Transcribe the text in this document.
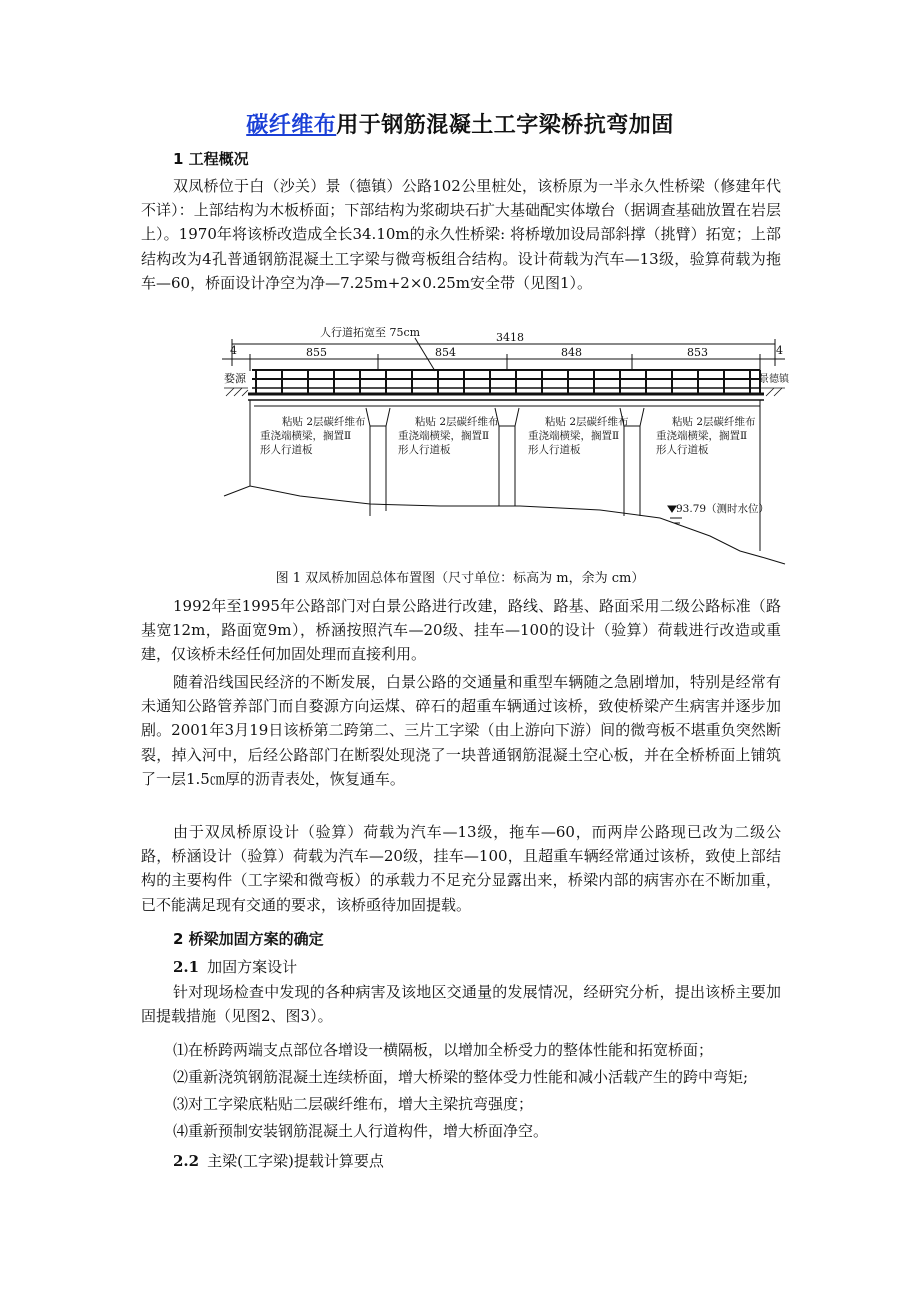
碳纤维布用于钢筋混凝土工字梁桥抗弯加固
1 工程概况
双凤桥位于白（沙关）景（德镇）公路102公里桩处，该桥原为一半永久性桥梁（修建年代不详）：上部结构为木板桥面；下部结构为浆砌块石扩大基础配实体墩台（据调查基础放置在岩层上）。1970年将该桥改造成全长34.10m的永久性桥梁: 将桥墩加设局部斜撑（挑臂）拓宽；上部结构改为4孔普通钢筋混凝土工字梁与微弯板组合结构。设计荷载为汽车—13级，验算荷载为拖车—60，桥面设计净空为净—7.25m+2×0.25m安全带（见图1）。
人行道拓宽至 75cm	3418
855	854	848	853
4	4
婺源	景德镇
粘贴 2层碳纤维布
重浇端横梁，搁置Ⅱ
形人行道板
粘贴 2层碳纤维布
重浇端横梁，搁置Ⅱ
形人行道板
粘贴 2层碳纤维布
重浇端横梁，搁置Ⅱ
形人行道板
粘贴 2层碳纤维布
重浇端横梁，搁置Ⅱ
形人行道板
93.79（测时水位）
图 1 双凤桥加固总体布置图（尺寸单位：标高为 m，余为 cm）
1992年至1995年公路部门对白景公路进行改建，路线、路基、路面采用二级公路标准（路基宽12m，路面宽9m），桥涵按照汽车—20级、挂车—100的设计（验算）荷载进行改造或重建，仅该桥未经任何加固处理而直接利用。
随着沿线国民经济的不断发展，白景公路的交通量和重型车辆随之急剧增加，特别是经常有未通知公路管养部门而自婺源方向运煤、碎石的超重车辆通过该桥，致使桥梁产生病害并逐步加剧。2001年3月19日该桥第二跨第二、三片工字梁（由上游向下游）间的微弯板不堪重负突然断裂，掉入河中，后经公路部门在断裂处现浇了一块普通钢筋混凝土空心板，并在全桥桥面上铺筑了一层1.5㎝厚的沥青表处，恢复通车。
由于双凤桥原设计（验算）荷载为汽车—13级，拖车—60，而两岸公路现已改为二级公路，桥涵设计（验算）荷载为汽车—20级，挂车—100，且超重车辆经常通过该桥，致使上部结构的主要构件（工字梁和微弯板）的承载力不足充分显露出来，桥梁内部的病害亦在不断加重，已不能满足现有交通的要求，该桥亟待加固提载。
2 桥梁加固方案的确定
2.1 加固方案设计
针对现场检查中发现的各种病害及该地区交通量的发展情况，经研究分析，提出该桥主要加固提载措施（见图2、图3）。
⑴在桥跨两端支点部位各增设一横隔板，以增加全桥受力的整体性能和拓宽桥面；
⑵重新浇筑钢筋混凝土连续桥面，增大桥梁的整体受力性能和减小活载产生的跨中弯矩;
⑶对工字梁底粘贴二层碳纤维布，增大主梁抗弯强度；
⑷重新预制安装钢筋混凝土人行道构件，增大桥面净空。
2.2 主梁(工字梁)提载计算要点
